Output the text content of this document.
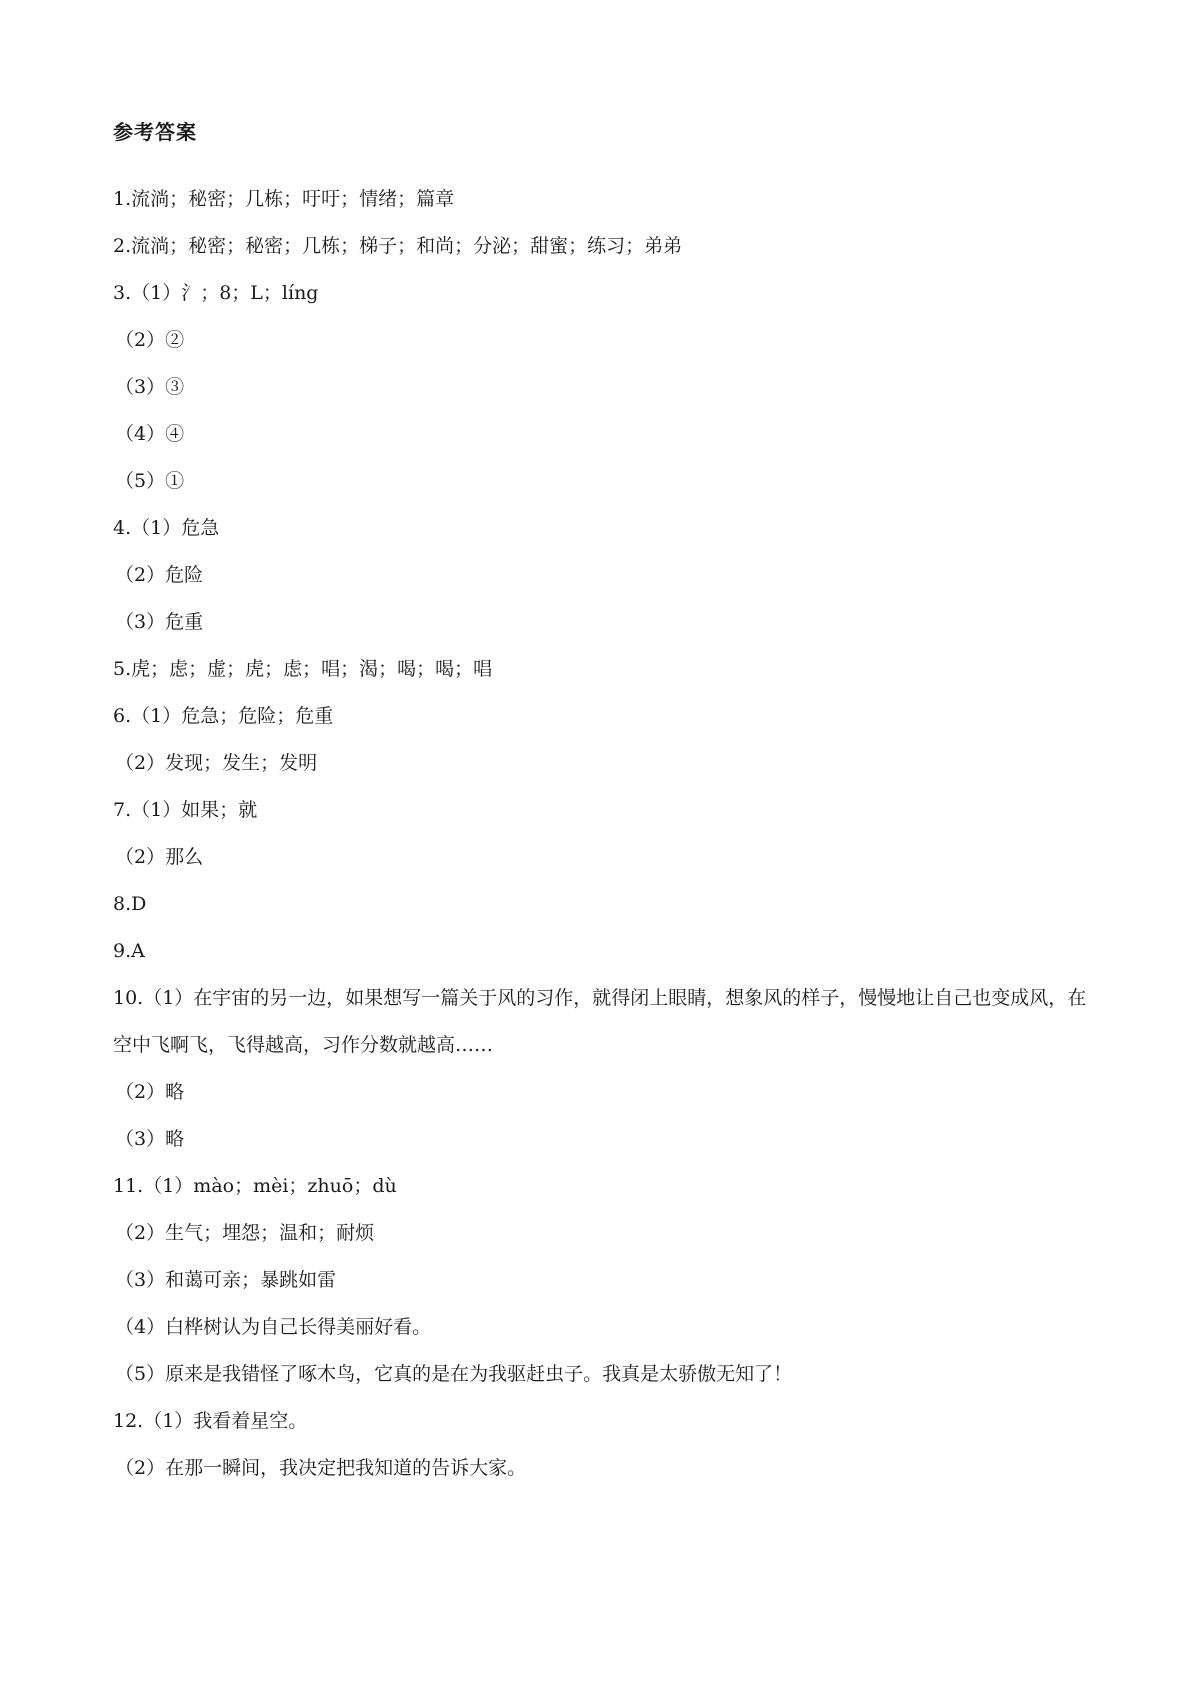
参考答案
1.流淌；秘密；几栋；吁吁；情绪；篇章
2.流淌；秘密；秘密；几栋；梯子；和尚；分泌；甜蜜；练习；弟弟
3.（1）氵；8；L；líng
（2）②
（3）③
（4）④
（5）①
4.（1）危急
（2）危险
（3）危重
5.虎；虑；虚；虎；虑；唱；渴；喝；喝；唱
6.（1）危急；危险；危重
（2）发现；发生；发明
7.（1）如果；就
（2）那么
8.D
9.A
10.（1）在宇宙的另一边，如果想写一篇关于风的习作，就得闭上眼睛，想象风的样子，慢慢地让自己也变成风，在空中飞啊飞，飞得越高，习作分数就越高……
（2）略
（3）略
11.（1）mào；mèi；zhuō；dù
（2）生气；埋怨；温和；耐烦
（3）和蔼可亲；暴跳如雷
（4）白桦树认为自己长得美丽好看。
（5）原来是我错怪了啄木鸟，它真的是在为我驱赶虫子。我真是太骄傲无知了！
12.（1）我看着星空。
（2）在那一瞬间，我决定把我知道的告诉大家。
